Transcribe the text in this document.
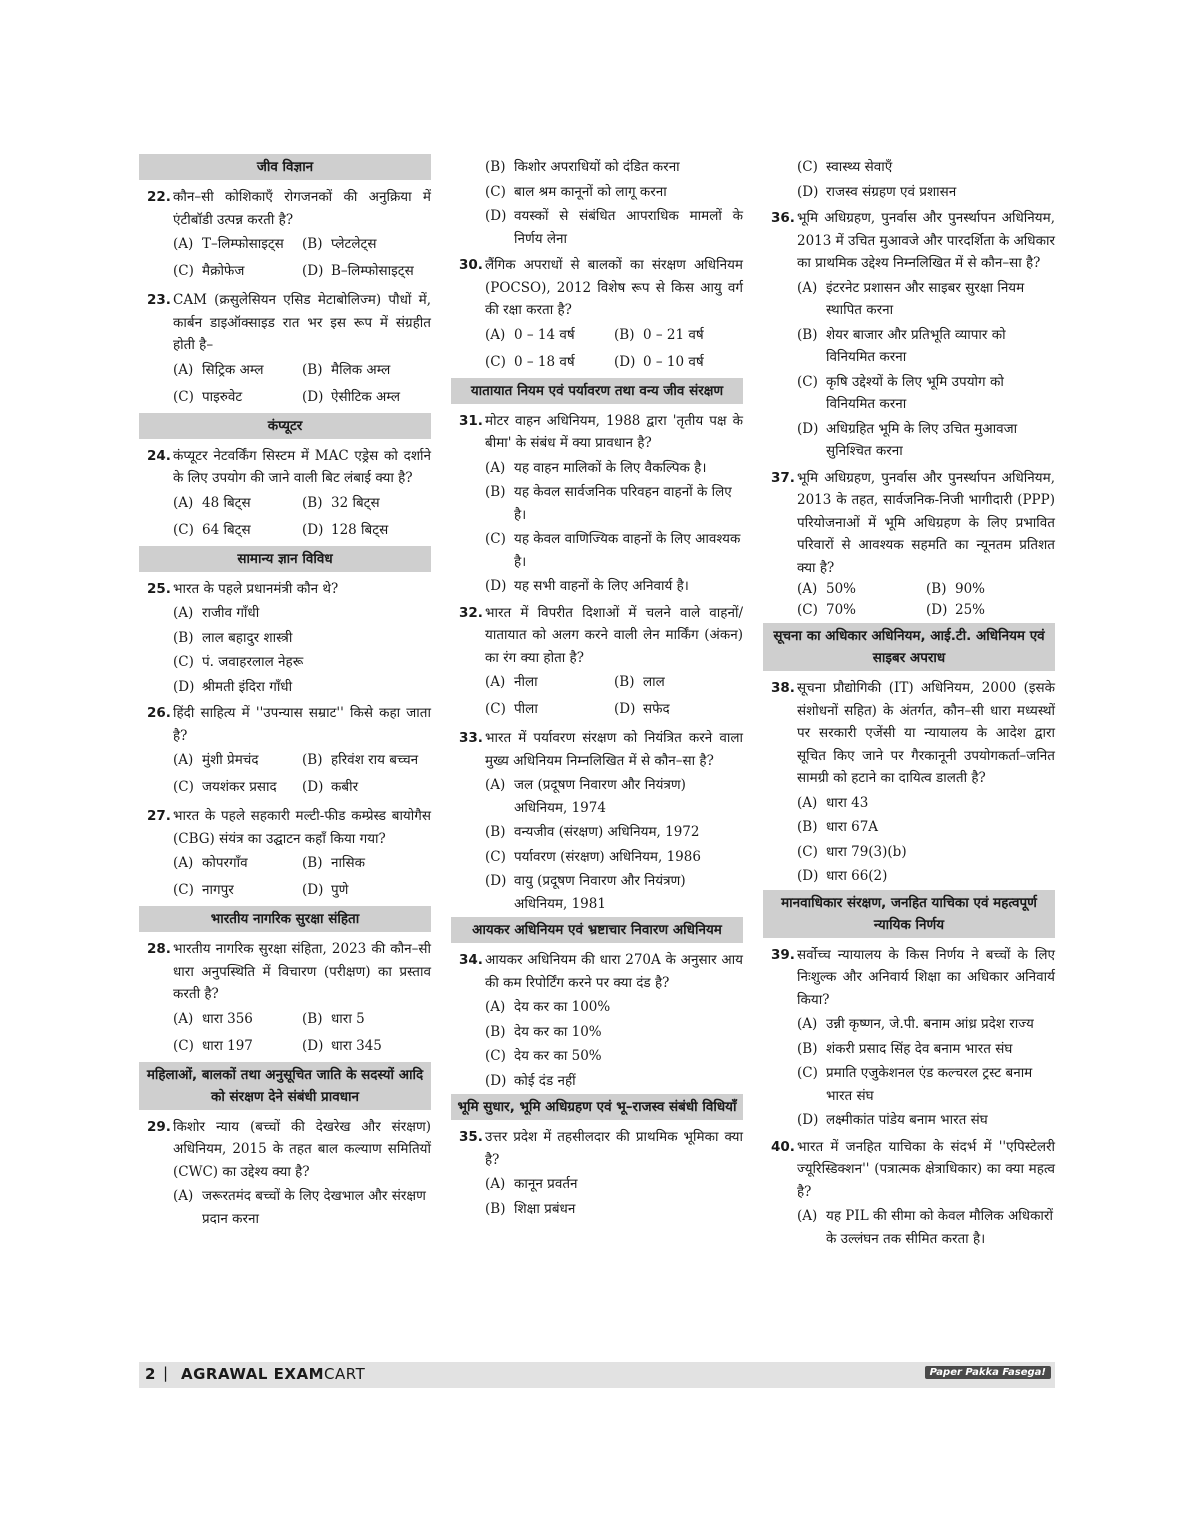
जीव विज्ञान
22. कौन–सी कोशिकाएँ रोगजनकों की अनुक्रिया में एंटीबॉडी उत्पन्न करती है?
(A) T–लिम्फोसाइट्स	(B) प्लेटलेट्स
(C) मैक्रोफेज	(D) B–लिम्फोसाइट्स
23. CAM (क्रसुलेसियन एसिड मेटाबोलिज्म) पौधों में, कार्बन डाइऑक्साइड रात भर इस रूप में संग्रहीत होती है–
(A) सिट्रिक अम्ल	(B) मैलिक अम्ल
(C) पाइरुवेट	(D) ऐसीटिक अम्ल
कंप्यूटर
24. कंप्यूटर नेटवर्किंग सिस्टम में MAC एड्रेस को दर्शाने के लिए उपयोग की जाने वाली बिट लंबाई क्या है?
(A) 48 बिट्स	(B) 32 बिट्स
(C) 64 बिट्स	(D) 128 बिट्स
सामान्य ज्ञान विविध
25. भारत के पहले प्रधानमंत्री कौन थे?
(A) राजीव गाँधी
(B) लाल बहादुर शास्त्री
(C) पं. जवाहरलाल नेहरू
(D) श्रीमती इंदिरा गाँधी
26. हिंदी साहित्य में ''उपन्यास सम्राट'' किसे कहा जाता है?
(A) मुंशी प्रेमचंद	(B) हरिवंश राय बच्चन
(C) जयशंकर प्रसाद	(D) कबीर
27. भारत के पहले सहकारी मल्टी-फीड कम्प्रेस्ड बायोगैस (CBG) संयंत्र का उद्घाटन कहाँ किया गया?
(A) कोपरगाँव	(B) नासिक
(C) नागपुर	(D) पुणे
भारतीय नागरिक सुरक्षा संहिता
28. भारतीय नागरिक सुरक्षा संहिता, 2023 की कौन–सी धारा अनुपस्थिति में विचारण (परीक्षण) का प्रस्ताव करती है?
(A) धारा 356	(B) धारा 5
(C) धारा 197	(D) धारा 345
महिलाओं, बालकों तथा अनुसूचित जाति के सदस्यों आदि को संरक्षण देने संबंधी प्रावधान
29. किशोर न्याय (बच्चों की देखरेख और संरक्षण) अधिनियम, 2015 के तहत बाल कल्याण समितियों (CWC) का उद्देश्य क्या है?
(A) जरूरतमंद बच्चों के लिए देखभाल और संरक्षण प्रदान करना
(B) किशोर अपराधियों को दंडित करना
(C) बाल श्रम कानूनों को लागू करना
(D) वयस्कों से संबंधित आपराधिक मामलों के निर्णय लेना
30. लैंगिक अपराधों से बालकों का संरक्षण अधिनियम (POCSO), 2012 विशेष रूप से किस आयु वर्ग की रक्षा करता है?
(A) 0 – 14 वर्ष	(B) 0 – 21 वर्ष
(C) 0 – 18 वर्ष	(D) 0 – 10 वर्ष
यातायात नियम एवं पर्यावरण तथा वन्य जीव संरक्षण
31. मोटर वाहन अधिनियम, 1988 द्वारा 'तृतीय पक्ष के बीमा' के संबंध में क्या प्रावधान है?
(A) यह वाहन मालिकों के लिए वैकल्पिक है।
(B) यह केवल सार्वजनिक परिवहन वाहनों के लिए है।
(C) यह केवल वाणिज्यिक वाहनों के लिए आवश्यक है।
(D) यह सभी वाहनों के लिए अनिवार्य है।
32. भारत में विपरीत दिशाओं में चलने वाले वाहनों/यातायात को अलग करने वाली लेन मार्किंग (अंकन) का रंग क्या होता है?
(A) नीला	(B) लाल
(C) पीला	(D) सफेद
33. भारत में पर्यावरण संरक्षण को नियंत्रित करने वाला मुख्य अधिनियम निम्नलिखित में से कौन–सा है?
(A) जल (प्रदूषण निवारण और नियंत्रण) अधिनियम, 1974
(B) वन्यजीव (संरक्षण) अधिनियम, 1972
(C) पर्यावरण (संरक्षण) अधिनियम, 1986
(D) वायु (प्रदूषण निवारण और नियंत्रण) अधिनियम, 1981
आयकर अधिनियम एवं भ्रष्टाचार निवारण अधिनियम
34. आयकर अधिनियम की धारा 270A के अनुसार आय की कम रिपोर्टिंग करने पर क्या दंड है?
(A) देय कर का 100%
(B) देय कर का 10%
(C) देय कर का 50%
(D) कोई दंड नहीं
भूमि सुधार, भूमि अधिग्रहण एवं भू–राजस्व संबंधी विधियाँ
35. उत्तर प्रदेश में तहसीलदार की प्राथमिक भूमिका क्या है?
(A) कानून प्रवर्तन
(B) शिक्षा प्रबंधन
(C) स्वास्थ्य सेवाएँ
(D) राजस्व संग्रहण एवं प्रशासन
36. भूमि अधिग्रहण, पुनर्वास और पुनर्स्थापन अधिनियम, 2013 में उचित मुआवजे और पारदर्शिता के अधिकार का प्राथमिक उद्देश्य निम्नलिखित में से कौन–सा है?
(A) इंटरनेट प्रशासन और साइबर सुरक्षा नियम स्थापित करना
(B) शेयर बाजार और प्रतिभूति व्यापार को विनियमित करना
(C) कृषि उद्देश्यों के लिए भूमि उपयोग को विनियमित करना
(D) अधिग्रहित भूमि के लिए उचित मुआवजा सुनिश्चित करना
37. भूमि अधिग्रहण, पुनर्वास और पुनर्स्थापन अधिनियम, 2013 के तहत, सार्वजनिक-निजी भागीदारी (PPP) परियोजनाओं में भूमि अधिग्रहण के लिए प्रभावित परिवारों से आवश्यक सहमति का न्यूनतम प्रतिशत क्या है?
(A) 50%	(B) 90%
(C) 70%	(D) 25%
सूचना का अधिकार अधिनियम, आई.टी. अधिनियम एवं साइबर अपराध
38. सूचना प्रौद्योगिकी (IT) अधिनियम, 2000 (इसके संशोधनों सहित) के अंतर्गत, कौन–सी धारा मध्यस्थों पर सरकारी एजेंसी या न्यायालय के आदेश द्वारा सूचित किए जाने पर गैरकानूनी उपयोगकर्ता–जनित सामग्री को हटाने का दायित्व डालती है?
(A) धारा 43
(B) धारा 67A
(C) धारा 79(3)(b)
(D) धारा 66(2)
मानवाधिकार संरक्षण, जनहित याचिका एवं महत्वपूर्ण न्यायिक निर्णय
39. सर्वोच्च न्यायालय के किस निर्णय ने बच्चों के लिए निःशुल्क और अनिवार्य शिक्षा का अधिकार अनिवार्य किया?
(A) उन्नी कृष्णन, जे.पी. बनाम आंध्र प्रदेश राज्य
(B) शंकरी प्रसाद सिंह देव बनाम भारत संघ
(C) प्रमाति एजुकेशनल एंड कल्चरल ट्रस्ट बनाम भारत संघ
(D) लक्ष्मीकांत पांडेय बनाम भारत संघ
40. भारत में जनहित याचिका के संदर्भ में ''एपिस्टेलरी ज्यूरिस्डिक्शन'' (पत्रात्मक क्षेत्राधिकार) का क्या महत्व है?
(A) यह PIL की सीमा को केवल मौलिक अधिकारों के उल्लंघन तक सीमित करता है।
2 | AGRAWAL EXAMCART	Paper Pakka Fasega!
